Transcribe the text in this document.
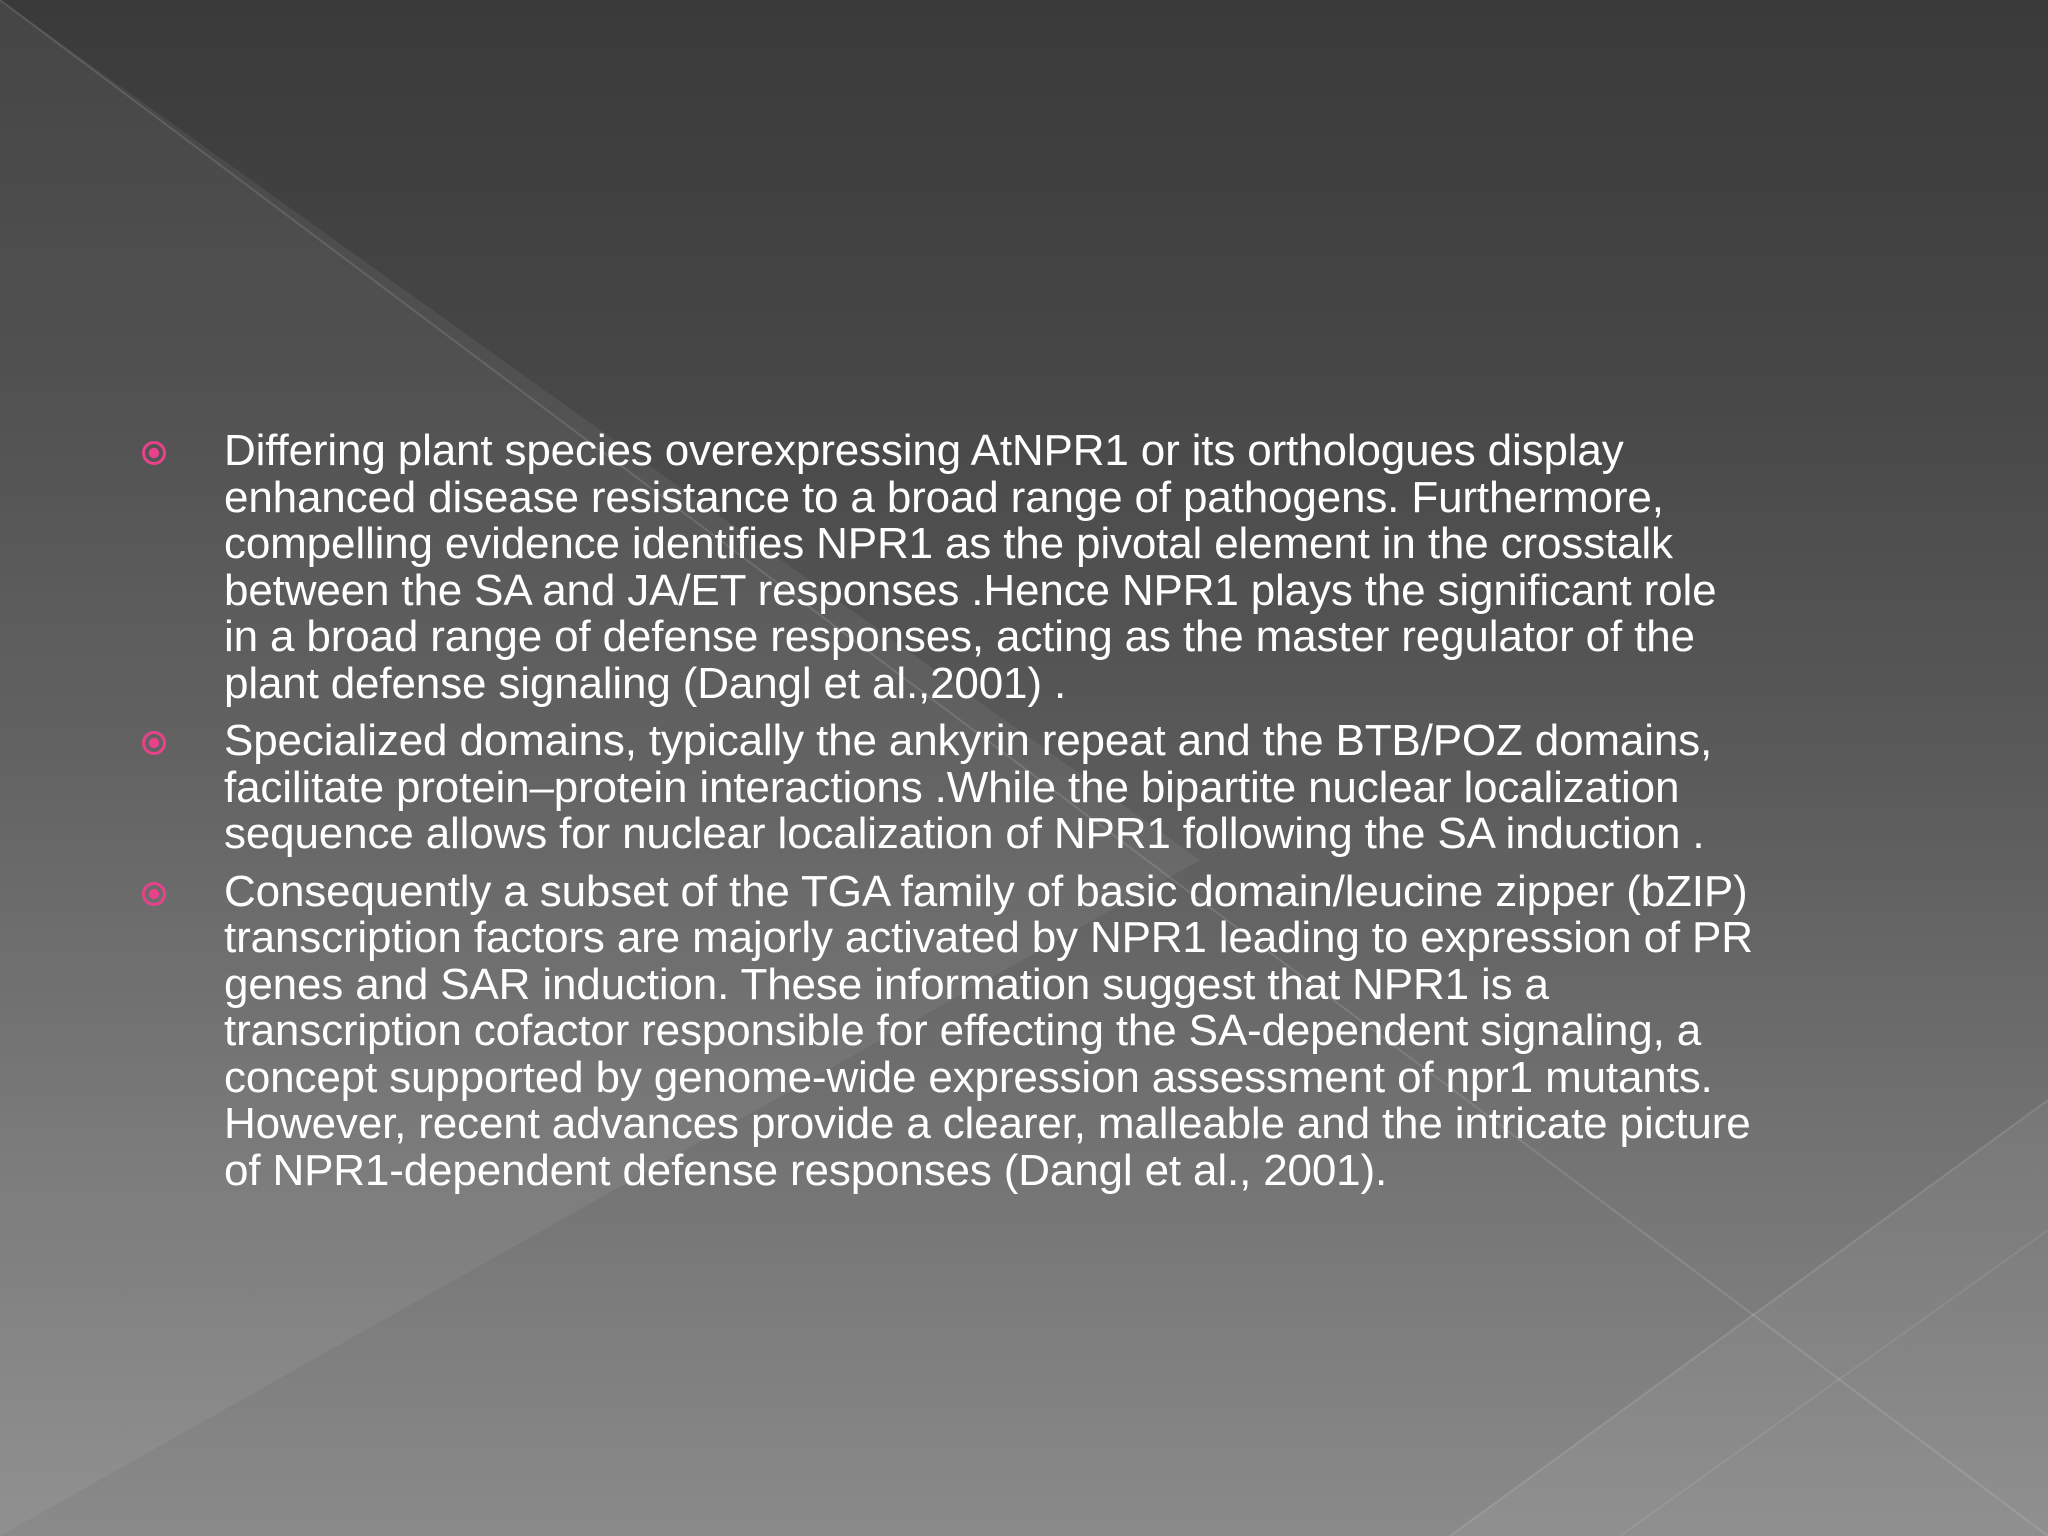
Differing plant species overexpressing AtNPR1 or its orthologues display
enhanced disease resistance to a broad range of pathogens. Furthermore,
compelling evidence identifies NPR1 as the pivotal element in the crosstalk
between the SA and JA/ET responses .Hence NPR1 plays the significant role
in a broad range of defense responses, acting as the master regulator of the
plant defense signaling (Dangl et al.,2001) .
Specialized domains, typically the ankyrin repeat and the BTB/POZ domains,
facilitate protein–protein interactions .While the bipartite nuclear localization
sequence allows for nuclear localization of NPR1 following the SA induction .
Consequently a subset of the TGA family of basic domain/leucine zipper (bZIP)
transcription factors are majorly activated by NPR1 leading to expression of PR
genes and SAR induction. These information suggest that NPR1 is a
transcription cofactor responsible for effecting the SA-dependent signaling, a
concept supported by genome-wide expression assessment of npr1 mutants.
However, recent advances provide a clearer, malleable and the intricate picture
of NPR1-dependent defense responses (Dangl et al., 2001).
